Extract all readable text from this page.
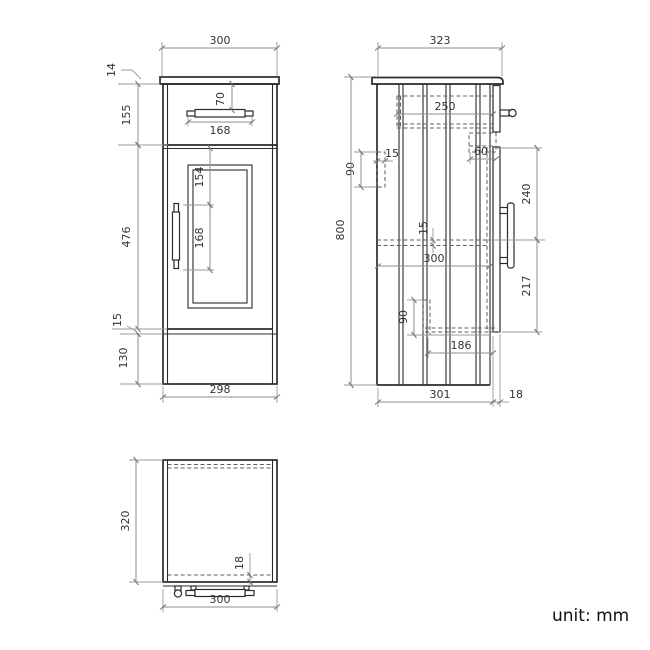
300
14
70
168
154
168
155
476
15
130
298
323
250
90
15	60
240
217
15
300
90
186
301	18
800
320
18
300
unit: mm
